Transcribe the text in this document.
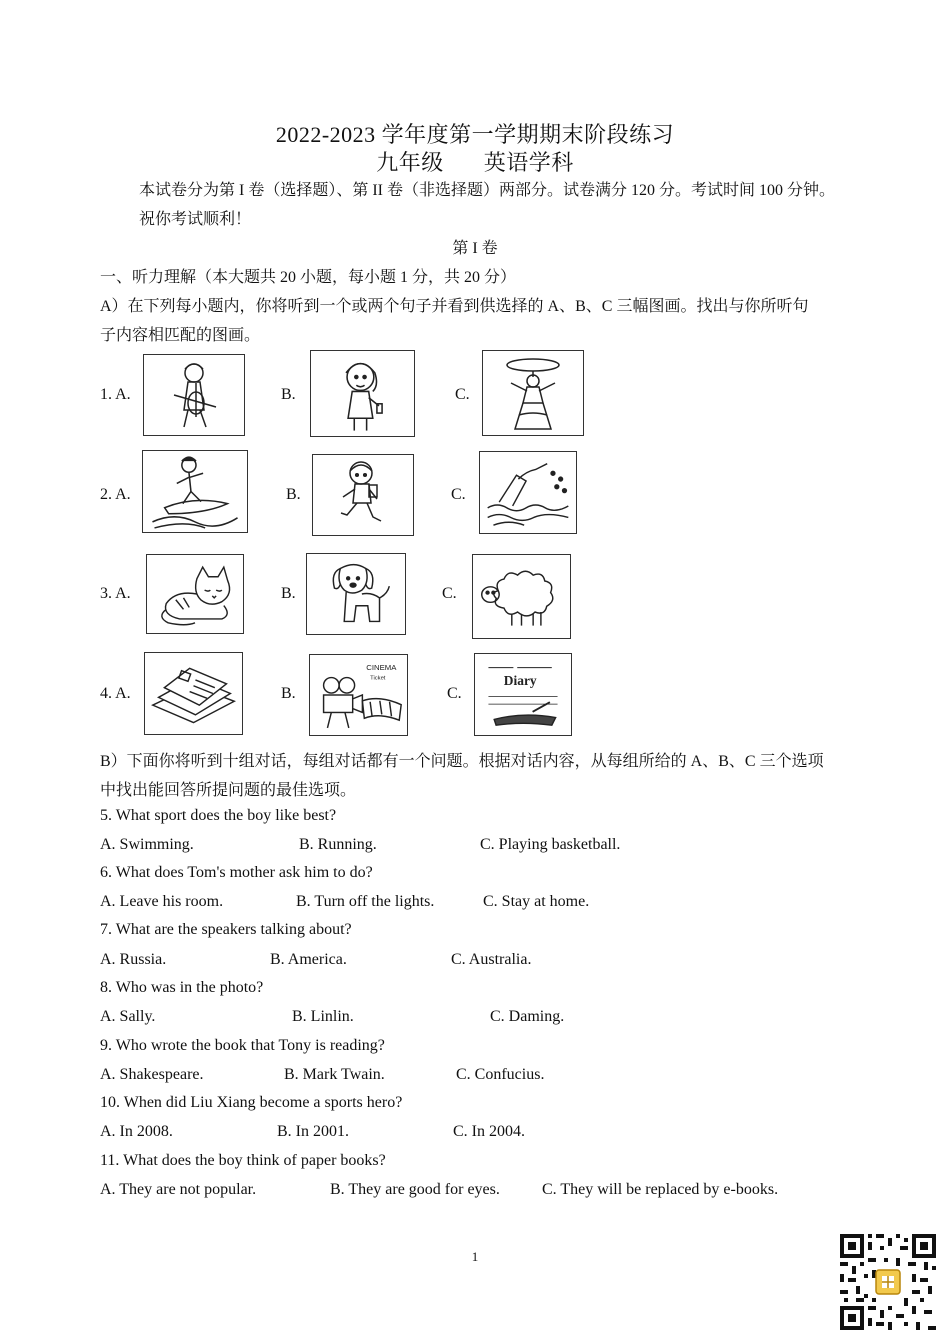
2022-2023 学年度第一学期期末阶段练习
九年级 英语学科
本试卷分为第 I 卷（选择题）、第 II 卷（非选择题）两部分。试卷满分 120 分。考试时间 100 分钟。
祝你考试顺利！
第 I 卷
一、听力理解（本大题共 20 小题，每小题 1 分，共 20 分）
A）在下列每小题内，你将听到一个或两个句子并看到供选择的 A、B、C 三幅图画。找出与你所听句
子内容相匹配的图画。
1. A.	B.	C.
2. A.	B.	C.
3. A.	B.	C.
4. A.	B.
CINEMA
Ticket
C.
Diary
B）下面你将听到十组对话，每组对话都有一个问题。根据对话内容，从每组所给的 A、B、C 三个选项
中找出能回答所提问题的最佳选项。
5. What sport does the boy like best?
A. Swimming.	B. Running.	C. Playing basketball.
6. What does Tom's mother ask him to do?
A. Leave his room.	B. Turn off the lights.	C. Stay at home.
7. What are the speakers talking about?
A. Russia.	B. America.	C. Australia.
8. Who was in the photo?
A. Sally.	B. Linlin.	C. Daming.
9. Who wrote the book that Tony is reading?
A. Shakespeare.	B. Mark Twain.	C. Confucius.
10. When did Liu Xiang become a sports hero?
A. In 2008.	B. In 2001.	C. In 2004.
11. What does the boy think of paper books?
A. They are not popular.	B. They are good for eyes.	C. They will be replaced by e-books.
1
